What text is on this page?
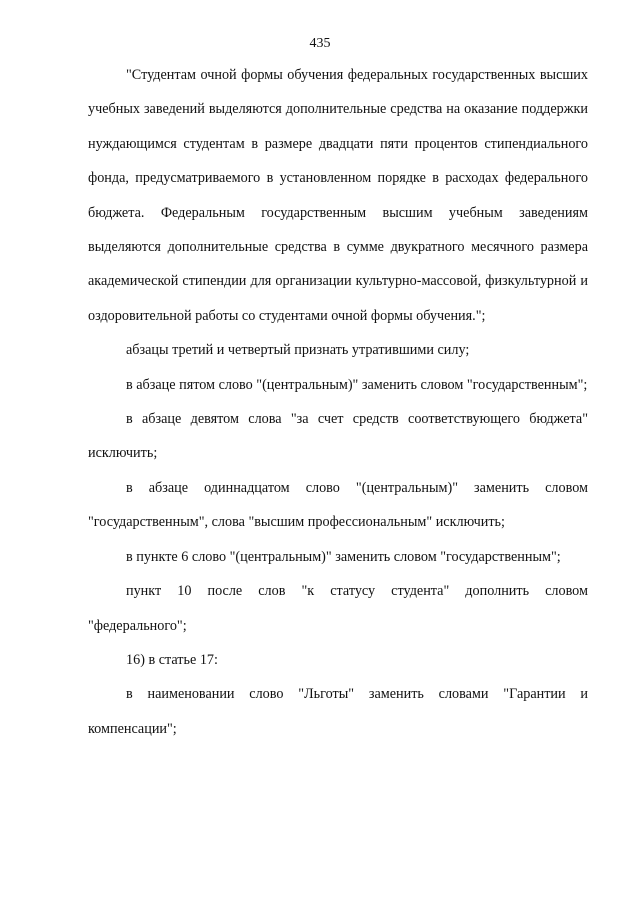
435

"Студентам очной формы обучения федеральных государственных высших учебных заведений выделяются дополнительные средства на оказание поддержки нуждающимся студентам в размере двадцати пяти процентов стипендиального фонда, предусматриваемого в установленном порядке в расходах федерального бюджета. Федеральным государственным высшим учебным заведениям выделяются дополнительные средства в сумме двукратного месячного размера академической стипендии для организации культурно-массовой, физкультурной и оздоровительной работы со студентами очной формы обучения.";

абзацы третий и четвертый признать утратившими силу;

в абзаце пятом слово "(центральным)" заменить словом "государственным";

в абзаце девятом слова "за счет средств соответствующего бюджета" исключить;

в абзаце одиннадцатом слово "(центральным)" заменить словом "государственным", слова "высшим профессиональным" исключить;

в пункте 6 слово "(центральным)" заменить словом "государственным";

пункт 10 после слов "к статусу студента" дополнить словом "федерального";

16) в статье 17:

в наименовании слово "Льготы" заменить словами "Гарантии и компенсации";
